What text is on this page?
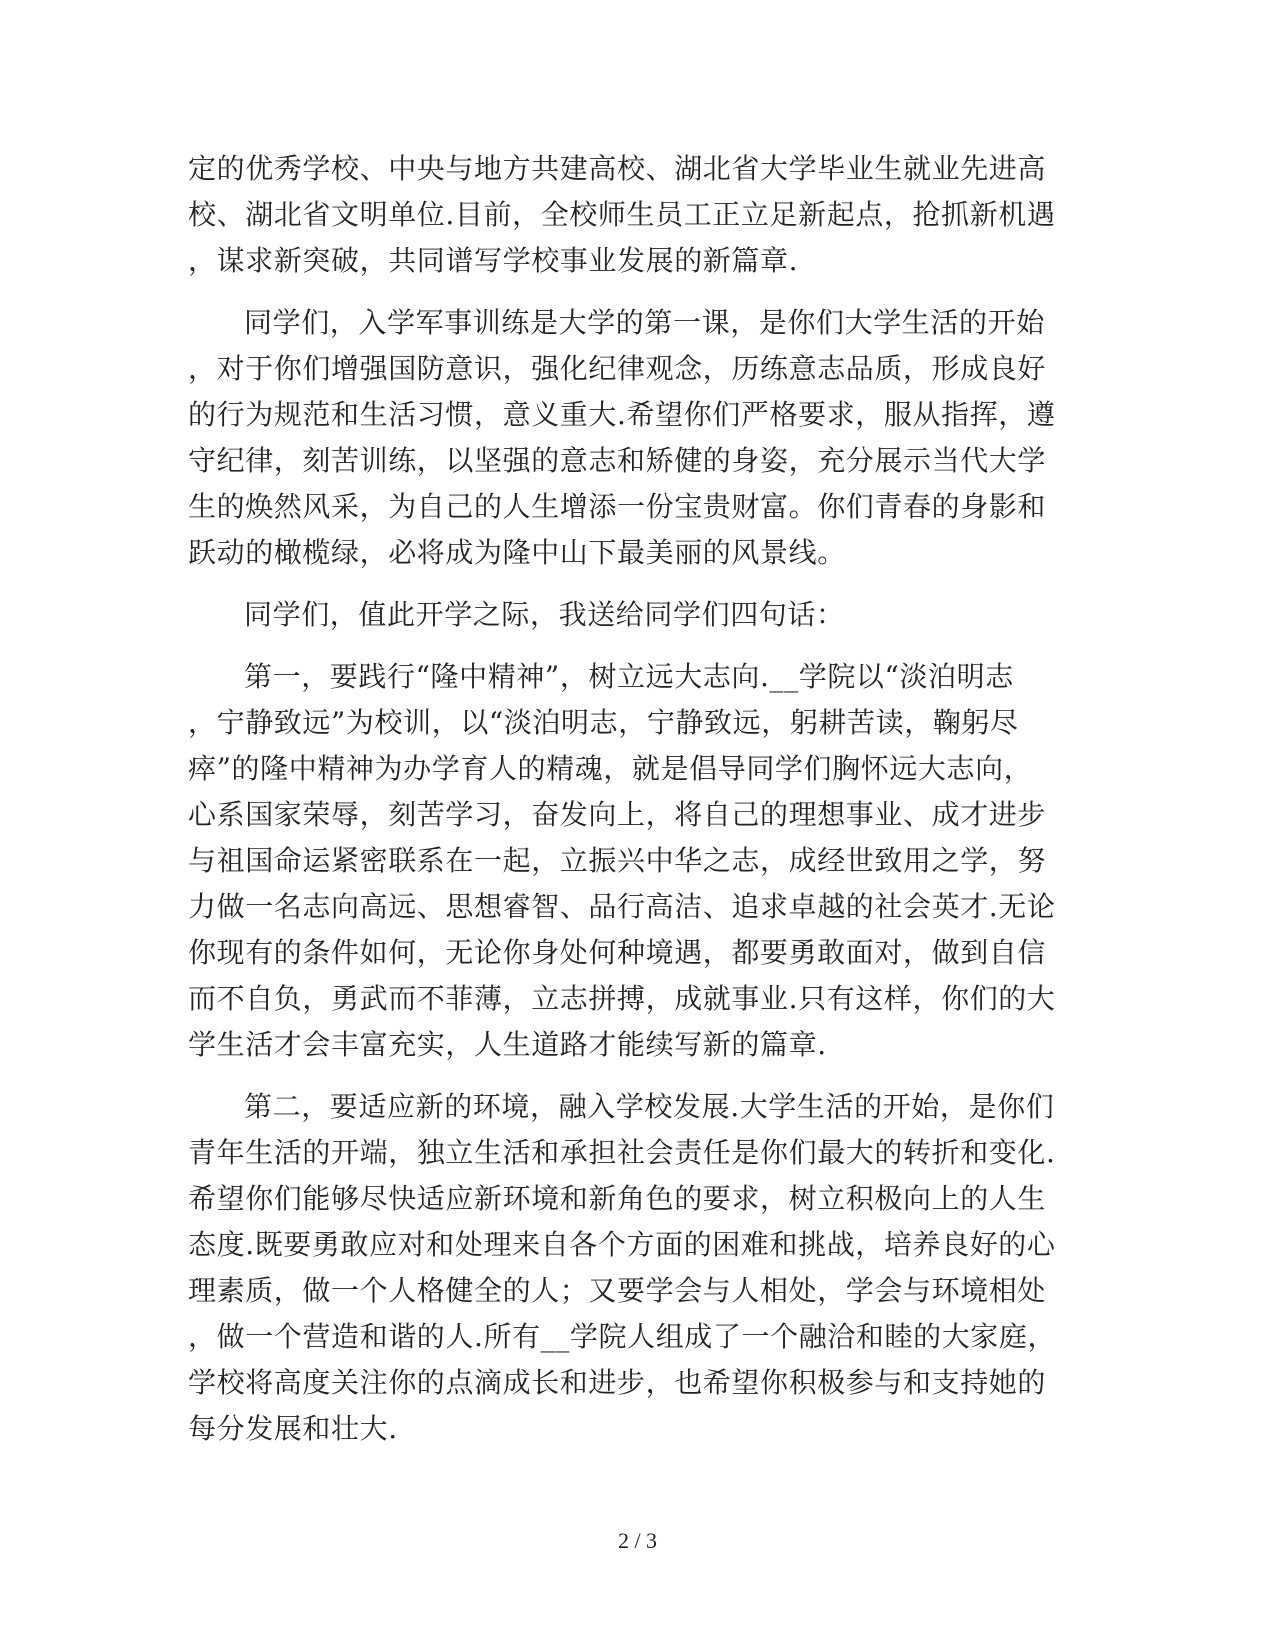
定的优秀学校、中央与地方共建高校、湖北省大学毕业生就业先进高
校、湖北省文明单位.目前，全校师生员工正立足新起点，抢抓新机遇
，谋求新突破，共同谱写学校事业发展的新篇章.
同学们，入学军事训练是大学的第一课，是你们大学生活的开始
，对于你们增强国防意识，强化纪律观念，历练意志品质，形成良好
的行为规范和生活习惯，意义重大.希望你们严格要求，服从指挥，遵
守纪律，刻苦训练，以坚强的意志和矫健的身姿，充分展示当代大学
生的焕然风采，为自己的人生增添一份宝贵财富。你们青春的身影和
跃动的橄榄绿，必将成为隆中山下最美丽的风景线。
同学们，值此开学之际，我送给同学们四句话：
第一，要践行“隆中精神”，树立远大志向.__学院以“淡泊明志
，宁静致远”为校训，以“淡泊明志，宁静致远，躬耕苦读，鞠躬尽
瘁”的隆中精神为办学育人的精魂，就是倡导同学们胸怀远大志向，
心系国家荣辱，刻苦学习，奋发向上，将自己的理想事业、成才进步
与祖国命运紧密联系在一起，立振兴中华之志，成经世致用之学，努
力做一名志向高远、思想睿智、品行高洁、追求卓越的社会英才.无论
你现有的条件如何，无论你身处何种境遇，都要勇敢面对，做到自信
而不自负，勇武而不菲薄，立志拼搏，成就事业.只有这样，你们的大
学生活才会丰富充实，人生道路才能续写新的篇章.
第二，要适应新的环境，融入学校发展.大学生活的开始，是你们
青年生活的开端，独立生活和承担社会责任是你们最大的转折和变化.
希望你们能够尽快适应新环境和新角色的要求，树立积极向上的人生
态度.既要勇敢应对和处理来自各个方面的困难和挑战，培养良好的心
理素质，做一个人格健全的人；又要学会与人相处，学会与环境相处
，做一个营造和谐的人.所有__学院人组成了一个融洽和睦的大家庭，
学校将高度关注你的点滴成长和进步，也希望你积极参与和支持她的
每分发展和壮大.
2 / 3
